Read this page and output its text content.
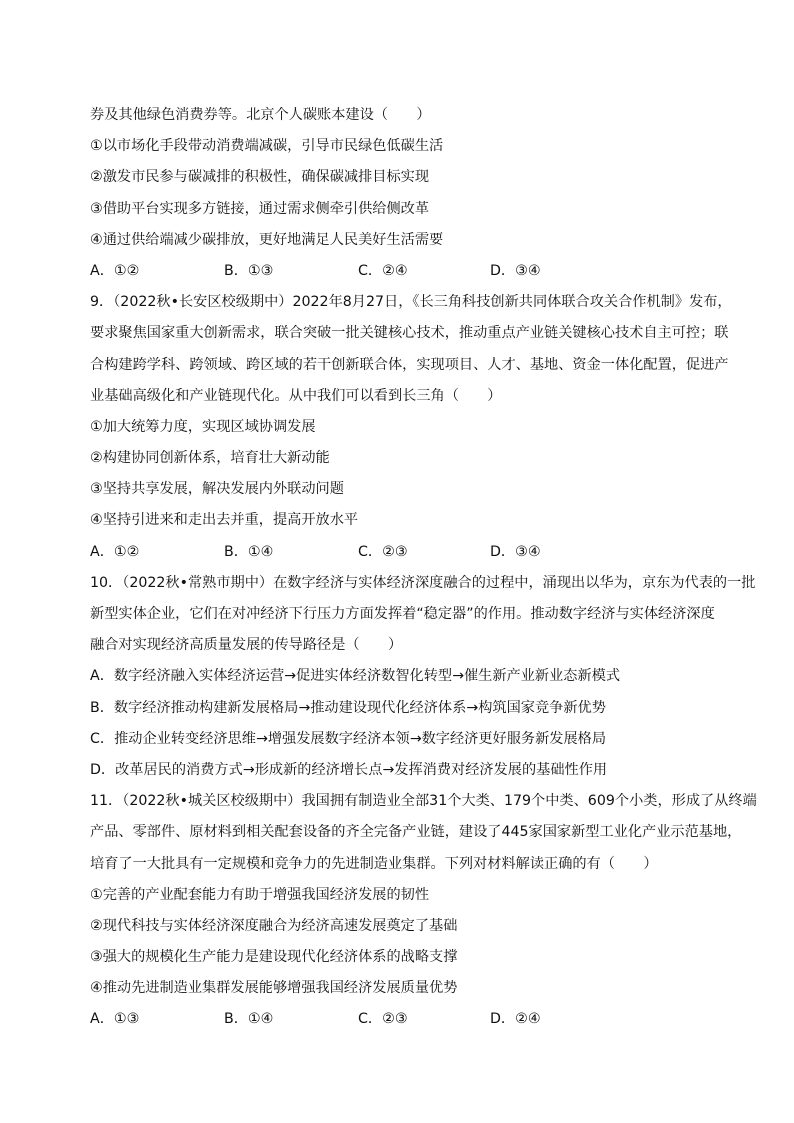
券及其他绿色消费券等。北京个人碳账本建设（　　）
①以市场化手段带动消费端减碳，引导市民绿色低碳生活
②激发市民参与碳减排的积极性，确保碳减排目标实现
③借助平台实现多方链接，通过需求侧牵引供给侧改革
④通过供给端减少碳排放，更好地满足人民美好生活需要
A．①②	B．①③	C．②④	D．③④
9．（2022秋•长安区校级期中）2022年8月27日，《长三角科技创新共同体联合攻关合作机制》发布，
要求聚焦国家重大创新需求，联合突破一批关键核心技术，推动重点产业链关键核心技术自主可控；联
合构建跨学科、跨领域、跨区域的若干创新联合体，实现项目、人才、基地、资金一体化配置，促进产
业基础高级化和产业链现代化。从中我们可以看到长三角（　　）
①加大统筹力度，实现区域协调发展
②构建协同创新体系，培育壮大新动能
③坚持共享发展，解决发展内外联动问题
④坚持引进来和走出去并重，提高开放水平
A．①②	B．①④	C．②③	D．③④
10．（2022秋•常熟市期中）在数字经济与实体经济深度融合的过程中，涌现出以华为，京东为代表的一批
新型实体企业，它们在对冲经济下行压力方面发挥着“稳定器”的作用。推动数字经济与实体经济深度
融合对实现经济高质量发展的传导路径是（　　）
A．数字经济融入实体经济运营→促进实体经济数智化转型→催生新产业新业态新模式
B．数字经济推动构建新发展格局→推动建设现代化经济体系→构筑国家竞争新优势
C．推动企业转变经济思维→增强发展数字经济本领→数字经济更好服务新发展格局
D．改革居民的消费方式→形成新的经济增长点→发挥消费对经济发展的基础性作用
11．（2022秋•城关区校级期中）我国拥有制造业全部31个大类、179个中类、609个小类，形成了从终端
产品、零部件、原材料到相关配套设备的齐全完备产业链，建设了445家国家新型工业化产业示范基地，
培育了一大批具有一定规模和竞争力的先进制造业集群。下列对材料解读正确的有（　　）
①完善的产业配套能力有助于增强我国经济发展的韧性
②现代科技与实体经济深度融合为经济高速发展奠定了基础
③强大的规模化生产能力是建设现代化经济体系的战略支撑
④推动先进制造业集群发展能够增强我国经济发展质量优势
A．①③	B．①④	C．②③	D．②④
